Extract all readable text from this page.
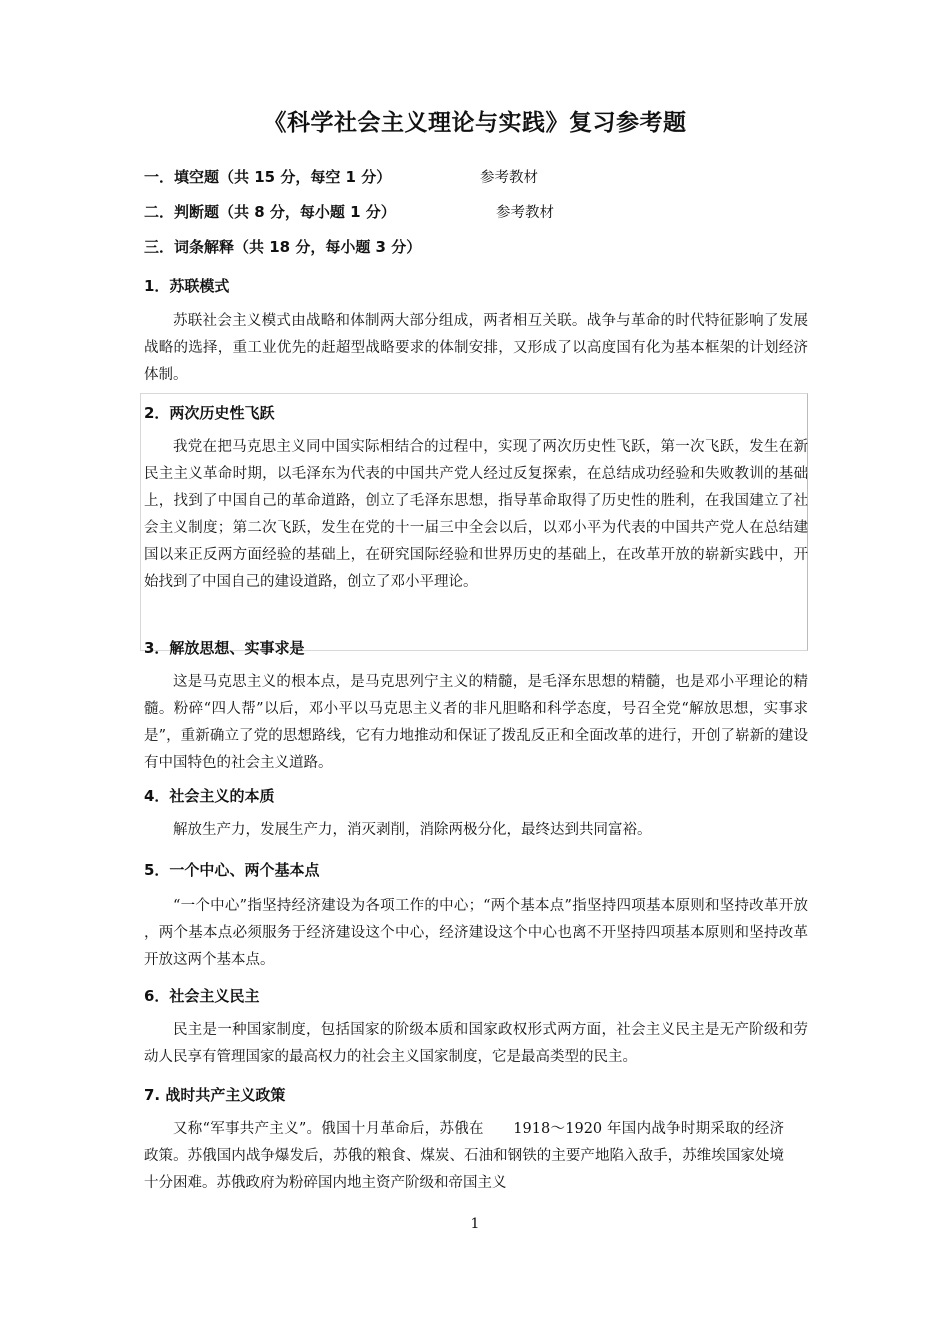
《科学社会主义理论与实践》复习参考题
一．填空题（共 15 分，每空 1 分）	参考教材
二．判断题（共 8 分，每小题 1 分）	参考教材
三．词条解释（共 18 分，每小题 3 分）
1．苏联模式

苏联社会主义模式由战略和体制两大部分组成，两者相互关联。战争与革命的时代特征影响了发展战略的选择，重工业优先的赶超型战略要求的体制安排，又形成了以高度国有化为基本框架的计划经济体制。

2．两次历史性飞跃

我党在把马克思主义同中国实际相结合的过程中，实现了两次历史性飞跃，第一次飞跃，发生在新民主主义革命时期，以毛泽东为代表的中国共产党人经过反复探索，在总结成功经验和失败教训的基础上，找到了中国自己的革命道路，创立了毛泽东思想，指导革命取得了历史性的胜利，在我国建立了社会主义制度；第二次飞跃，发生在党的十一届三中全会以后，以邓小平为代表的中国共产党人在总结建国以来正反两方面经验的基础上，在研究国际经验和世界历史的基础上，在改革开放的崭新实践中，开始找到了中国自己的建设道路，创立了邓小平理论。

3．解放思想、实事求是

这是马克思主义的根本点，是马克思列宁主义的精髓，是毛泽东思想的精髓，也是邓小平理论的精髓。粉碎“四人帮”以后，邓小平以马克思主义者的非凡胆略和科学态度，号召全党“解放思想，实事求是”，重新确立了党的思想路线，它有力地推动和保证了拨乱反正和全面改革的进行，开创了崭新的建设有中国特色的社会主义道路。

4．社会主义的本质

解放生产力，发展生产力，消灭剥削，消除两极分化，最终达到共同富裕。

5．一个中心、两个基本点

“一个中心”指坚持经济建设为各项工作的中心；“两个基本点”指坚持四项基本原则和坚持改革开放 ，两个基本点必须服务于经济建设这个中心，经济建设这个中心也离不开坚持四项基本原则和坚持改革开放这两个基本点。

6．社会主义民主

民主是一种国家制度，包括国家的阶级本质和国家政权形式两方面，社会主义民主是无产阶级和劳动人民享有管理国家的最高权力的社会主义国家制度，它是最高类型的民主。

7. 战时共产主义政策

又称“军事共产主义”。俄国十月革命后，苏俄在　　1918～1920 年国内战争时期采取的经济政策。苏俄国内战争爆发后，苏俄的粮食、煤炭、石油和钢铁的主要产地陷入敌手，苏维埃国家处境十分困难。苏俄政府为粉碎国内地主资产阶级和帝国主义

1
